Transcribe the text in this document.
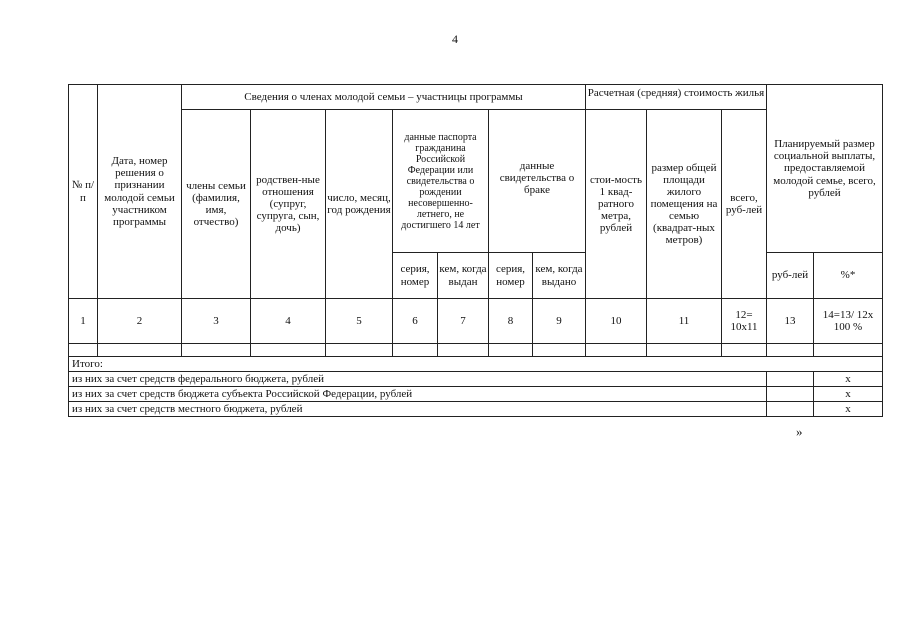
4
№ п/п	Дата, номер решения о признании молодой семьи участником программы	Сведения о членах молодой семьи – участницы программы							Расчетная (средняя) стоимость жилья			Планируемый размер социальной выплаты, предоставляемой молодой семье, всего, рублей	
		члены семьи (фамилия, имя, отчество)	родствен-ные отношения (супруг, супруга, сын, дочь)	число, месяц, год рождения	данные паспорта гражданина Российской Федерации или свидетельства о рождении несовершенно-летнего, не достигшего 14 лет		данные свидетельства о браке		стои-мость 1 квад-ратного метра, рублей	размер общей площади жилого помещения на семью (квадрат-ных метров)	всего, руб-лей		
					серия, номер	кем, когда выдан	серия, номер	кем, когда выдано				руб-лей	%*
1	2	3	4	5	6	7	8	9	10	11	12= 10х11	13	14=13/ 12х 100 %

Итого:													
из них за счет средств федерального бюджета, рублей													х
из них за счет средств бюджета субъекта Российской Федерации, рублей													х
из них за счет средств местного бюджета, рублей													х
»
